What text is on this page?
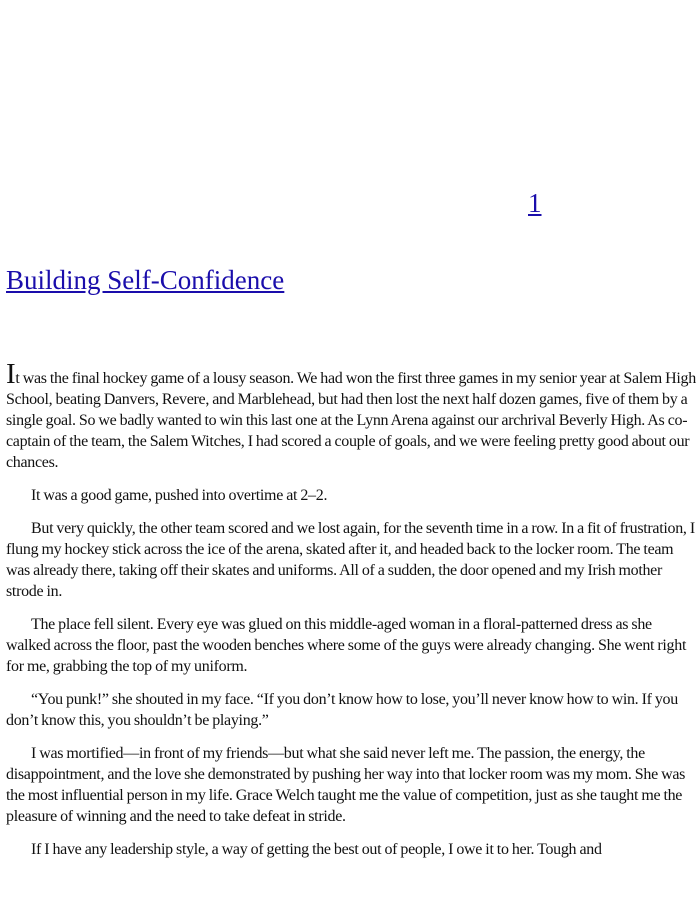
1
Building Self-Confidence

It was the final hockey game of a lousy season. We had won the first three games in my senior year at Salem High School, beating Danvers, Revere, and Marblehead, but had then lost the next half dozen games, five of them by a single goal. So we badly wanted to win this last one at the Lynn Arena against our archrival Beverly High. As co-captain of the team, the Salem Witches, I had scored a couple of goals, and we were feeling pretty good about our chances.

It was a good game, pushed into overtime at 2–2.

But very quickly, the other team scored and we lost again, for the seventh time in a row. In a fit of frustration, I flung my hockey stick across the ice of the arena, skated after it, and headed back to the locker room. The team was already there, taking off their skates and uniforms. All of a sudden, the door opened and my Irish mother strode in.

The place fell silent. Every eye was glued on this middle-aged woman in a floral-patterned dress as she walked across the floor, past the wooden benches where some of the guys were already changing. She went right for me, grabbing the top of my uniform.

“You punk!” she shouted in my face. “If you don’t know how to lose, you’ll never know how to win. If you don’t know this, you shouldn’t be playing.”

I was mortified—in front of my friends—but what she said never left me. The passion, the energy, the disappointment, and the love she demonstrated by pushing her way into that locker room was my mom. She was the most influential person in my life. Grace Welch taught me the value of competition, just as she taught me the pleasure of winning and the need to take defeat in stride.

If I have any leadership style, a way of getting the best out of people, I owe it to her. Tough and
